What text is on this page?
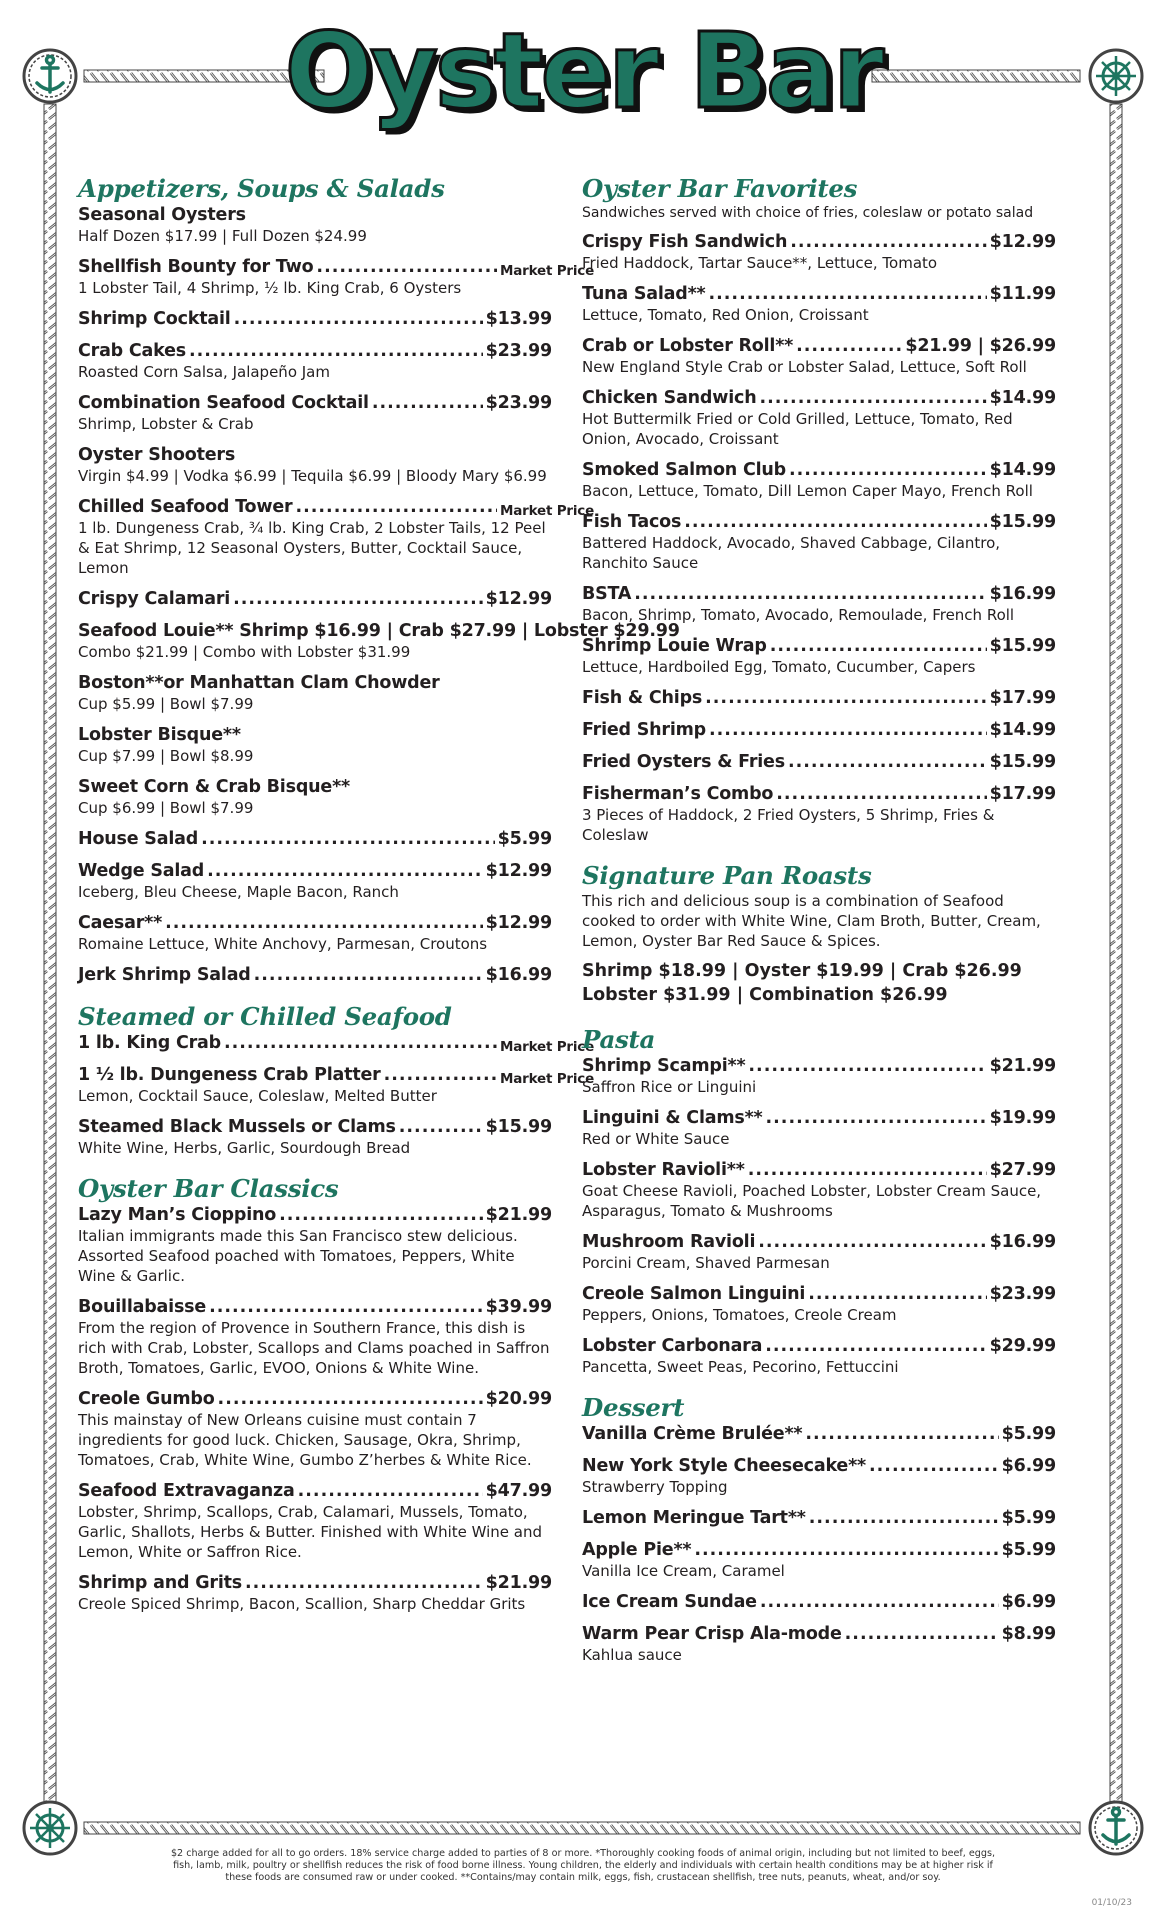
Oyster Bar
Appetizers, Soups & Salads
Seasonal Oysters
Half Dozen $17.99 | Full Dozen $24.99
Shellfish Bounty for Two .....	Market Price
1 Lobster Tail, 4 Shrimp, ½ lb. King Crab, 6 Oysters
Shrimp Cocktail .....	$13.99
Crab Cakes .....	$23.99
Roasted Corn Salsa, Jalapeño Jam
Combination Seafood Cocktail .....	$23.99
Shrimp, Lobster & Crab
Oyster Shooters
Virgin $4.99 | Vodka $6.99 | Tequila $6.99 | Bloody Mary $6.99
Chilled Seafood Tower .....	Market Price
1 lb. Dungeness Crab, ¾ lb. King Crab, 2 Lobster Tails, 12 Peel & Eat Shrimp, 12 Seasonal Oysters, Butter, Cocktail Sauce, Lemon
Crispy Calamari .....	$12.99
Seafood Louie** Shrimp $16.99 | Crab $27.99 | Lobster $29.99
Combo $21.99 | Combo with Lobster $31.99
Boston**or Manhattan Clam Chowder
Cup $5.99 | Bowl $7.99
Lobster Bisque**
Cup $7.99 | Bowl $8.99
Sweet Corn & Crab Bisque**
Cup $6.99 | Bowl $7.99
House Salad .....	$5.99
Wedge Salad .....	$12.99
Iceberg, Bleu Cheese, Maple Bacon, Ranch
Caesar** .....	$12.99
Romaine Lettuce, White Anchovy, Parmesan, Croutons
Jerk Shrimp Salad .....	$16.99
Steamed or Chilled Seafood
1 lb. King Crab .....	Market Price
1 ½ lb. Dungeness Crab Platter .....	Market Price
Lemon, Cocktail Sauce, Coleslaw, Melted Butter
Steamed Black Mussels or Clams .....	$15.99
White Wine, Herbs, Garlic, Sourdough Bread
Oyster Bar Classics
Lazy Man’s Cioppino .....	$21.99
Italian immigrants made this San Francisco stew delicious. Assorted Seafood poached with Tomatoes, Peppers, White Wine & Garlic.
Bouillabaisse .....	$39.99
From the region of Provence in Southern France, this dish is rich with Crab, Lobster, Scallops and Clams poached in Saffron Broth, Tomatoes, Garlic, EVOO, Onions & White Wine.
Creole Gumbo .....	$20.99
This mainstay of New Orleans cuisine must contain 7 ingredients for good luck. Chicken, Sausage, Okra, Shrimp, Tomatoes, Crab, White Wine, Gumbo Z’herbes & White Rice.
Seafood Extravaganza .....	$47.99
Lobster, Shrimp, Scallops, Crab, Calamari, Mussels, Tomato, Garlic, Shallots, Herbs & Butter. Finished with White Wine and Lemon, White or Saffron Rice.
Shrimp and Grits .....	$21.99
Creole Spiced Shrimp, Bacon, Scallion, Sharp Cheddar Grits
Oyster Bar Favorites
Sandwiches served with choice of fries, coleslaw or potato salad
Crispy Fish Sandwich .....	$12.99
Fried Haddock, Tartar Sauce**, Lettuce, Tomato
Tuna Salad** .....	$11.99
Lettuce, Tomato, Red Onion, Croissant
Crab or Lobster Roll** .....	$21.99 | $26.99
New England Style Crab or Lobster Salad, Lettuce, Soft Roll
Chicken Sandwich .....	$14.99
Hot Buttermilk Fried or Cold Grilled, Lettuce, Tomato, Red Onion, Avocado, Croissant
Smoked Salmon Club .....	$14.99
Bacon, Lettuce, Tomato, Dill Lemon Caper Mayo, French Roll
Fish Tacos .....	$15.99
Battered Haddock, Avocado, Shaved Cabbage, Cilantro, Ranchito Sauce
BSTA .....	$16.99
Bacon, Shrimp, Tomato, Avocado, Remoulade, French Roll
Shrimp Louie Wrap .....	$15.99
Lettuce, Hardboiled Egg, Tomato, Cucumber, Capers
Fish & Chips .....	$17.99
Fried Shrimp .....	$14.99
Fried Oysters & Fries .....	$15.99
Fisherman’s Combo .....	$17.99
3 Pieces of Haddock, 2 Fried Oysters, 5 Shrimp, Fries & Coleslaw
Signature Pan Roasts
This rich and delicious soup is a combination of Seafood cooked to order with White Wine, Clam Broth, Butter, Cream, Lemon, Oyster Bar Red Sauce & Spices.
Shrimp $18.99 | Oyster $19.99 | Crab $26.99
Lobster $31.99 | Combination $26.99
Pasta
Shrimp Scampi** .....	$21.99
Saffron Rice or Linguini
Linguini & Clams** .....	$19.99
Red or White Sauce
Lobster Ravioli** .....	$27.99
Goat Cheese Ravioli, Poached Lobster, Lobster Cream Sauce, Asparagus, Tomato & Mushrooms
Mushroom Ravioli .....	$16.99
Porcini Cream, Shaved Parmesan
Creole Salmon Linguini .....	$23.99
Peppers, Onions, Tomatoes, Creole Cream
Lobster Carbonara .....	$29.99
Pancetta, Sweet Peas, Pecorino, Fettuccini
Dessert
Vanilla Crème Brulée** .....	$5.99
New York Style Cheesecake** .....	$6.99
Strawberry Topping
Lemon Meringue Tart** .....	$5.99
Apple Pie** .....	$5.99
Vanilla Ice Cream, Caramel
Ice Cream Sundae .....	$6.99
Warm Pear Crisp Ala-mode .....	$8.99
Kahlua sauce
$2 charge added for all to go orders. 18% service charge added to parties of 8 or more. *Thoroughly cooking foods of animal origin, including but not limited to beef, eggs, fish, lamb, milk, poultry or shellfish reduces the risk of food borne illness. Young children, the elderly and individuals with certain health conditions may be at higher risk if these foods are consumed raw or under cooked. **Contains/may contain milk, eggs, fish, crustacean shellfish, tree nuts, peanuts, wheat, and/or soy.
01/10/23
